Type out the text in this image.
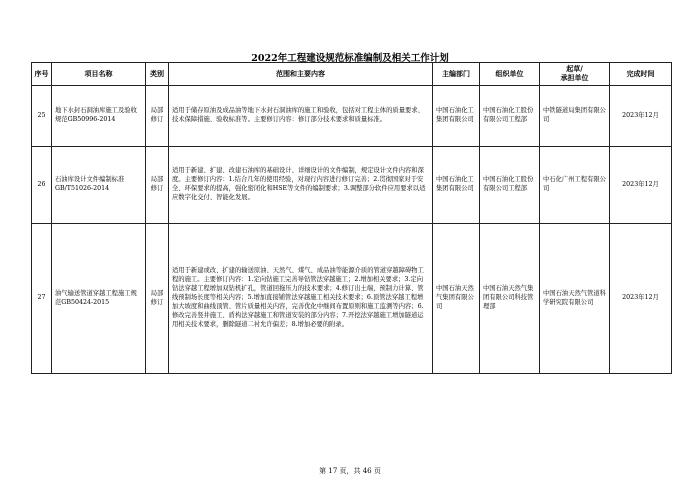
2022年工程建设规范标准编制及相关工作计划
序号	项目名称	类别	范围和主要内容	主编部门	组织单位	起草/
承担单位	完成时间
25	地下水封石洞油库施工及验收规范GB50996-2014	局部修订	适用于储存原油及成品油等地下水封石洞油库的施工和验收，包括对工程主体的质量要求、技术保障措施、验收标准等。主要修订内容：修订部分技术要求和质量标准。	中国石油化工集团有限公司	中国石油化工股份有限公司工程部	中铁隧道局集团有限公司	2023年12月
26	石油库设计文件编制标准GB/T51026-2014	局部修订	适用于新建、扩建、改建石油库的基础设计、详细设计的文件编制，规定设计文件内容和深度。主要修订内容：1.结合几年的使用经验，对现行内容进行修订完善；2.贯彻国家对于安全、环保要求的提高，强化密闭化和HSE等文件的编制要求；3.调整部分软件应用要求以适应数字化交付、智能化发展。	中国石油化工集团有限公司	中国石油化工股份有限公司工程部	中石化广州工程有限公司	2023年12月
27	油气输送管道穿越工程施工规范GB50424-2015	局部修订	适用于新建或改、扩建的输送原油、天然气、煤气、成品油等能源介质的管道穿越障碍物工程的施工。主要修订内容：1.定向钻施工完善导钻管法穿越施工；2.增加相关要求；3.定向钻法穿越工程增加双钻机扩孔，管道回拖压力的技术要求；4.修订出土端，预制力计算、管线预制场长度等相关内容；5.增加直接铺管法穿越施工相关技术要求；6.顶管法穿越工程增加大坡度和曲线顶管、管片质量相关内容，完善优化中继间布置原则和施工监测等内容；6.修改完善竖井施工、盾构法穿越施工和管道安装的部分内容；7.开挖法穿越施工增加隧道运用相关技术要求，删除隧道二衬允许偏差；8.增加必要的附录。	中国石油天然气集团有限公司	中国石油天然气集团有限公司科技管理部	中国石油天然气管道科学研究院有限公司	2023年12月
第 17 页，共 46 页
